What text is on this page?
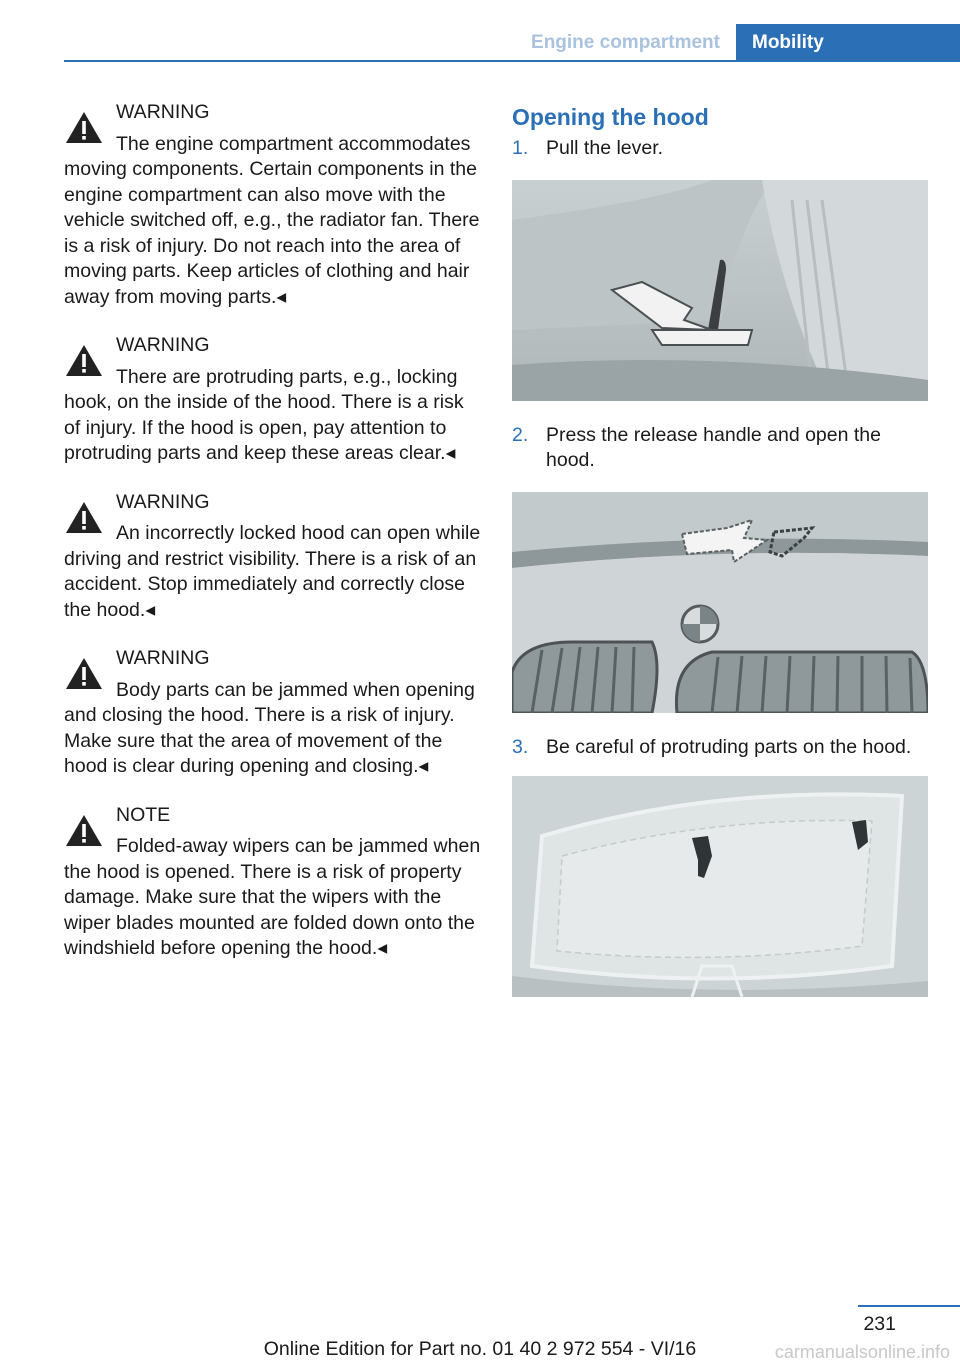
Engine compartment	Mobility
WARNING
The engine compartment accommodates moving components. Certain components in the engine compartment can also move with the vehicle switched off, e.g., the radiator fan. There is a risk of injury. Do not reach into the area of moving parts. Keep articles of clothing and hair away from moving parts.◂
WARNING
There are protruding parts, e.g., locking hook, on the inside of the hood. There is a risk of injury. If the hood is open, pay attention to protruding parts and keep these areas clear.◂
WARNING
An incorrectly locked hood can open while driving and restrict visibility. There is a risk of an accident. Stop immediately and correctly close the hood.◂
WARNING
Body parts can be jammed when opening and closing the hood. There is a risk of injury. Make sure that the area of movement of the hood is clear during opening and closing.◂
NOTE
Folded-away wipers can be jammed when the hood is opened. There is a risk of property damage. Make sure that the wipers with the wiper blades mounted are folded down onto the windshield before opening the hood.◂
Opening the hood
1. Pull the lever.
2. Press the release handle and open the hood.
3. Be careful of protruding parts on the hood.
231
Online Edition for Part no. 01 40 2 972 554 - VI/16	carmanualsonline.info
